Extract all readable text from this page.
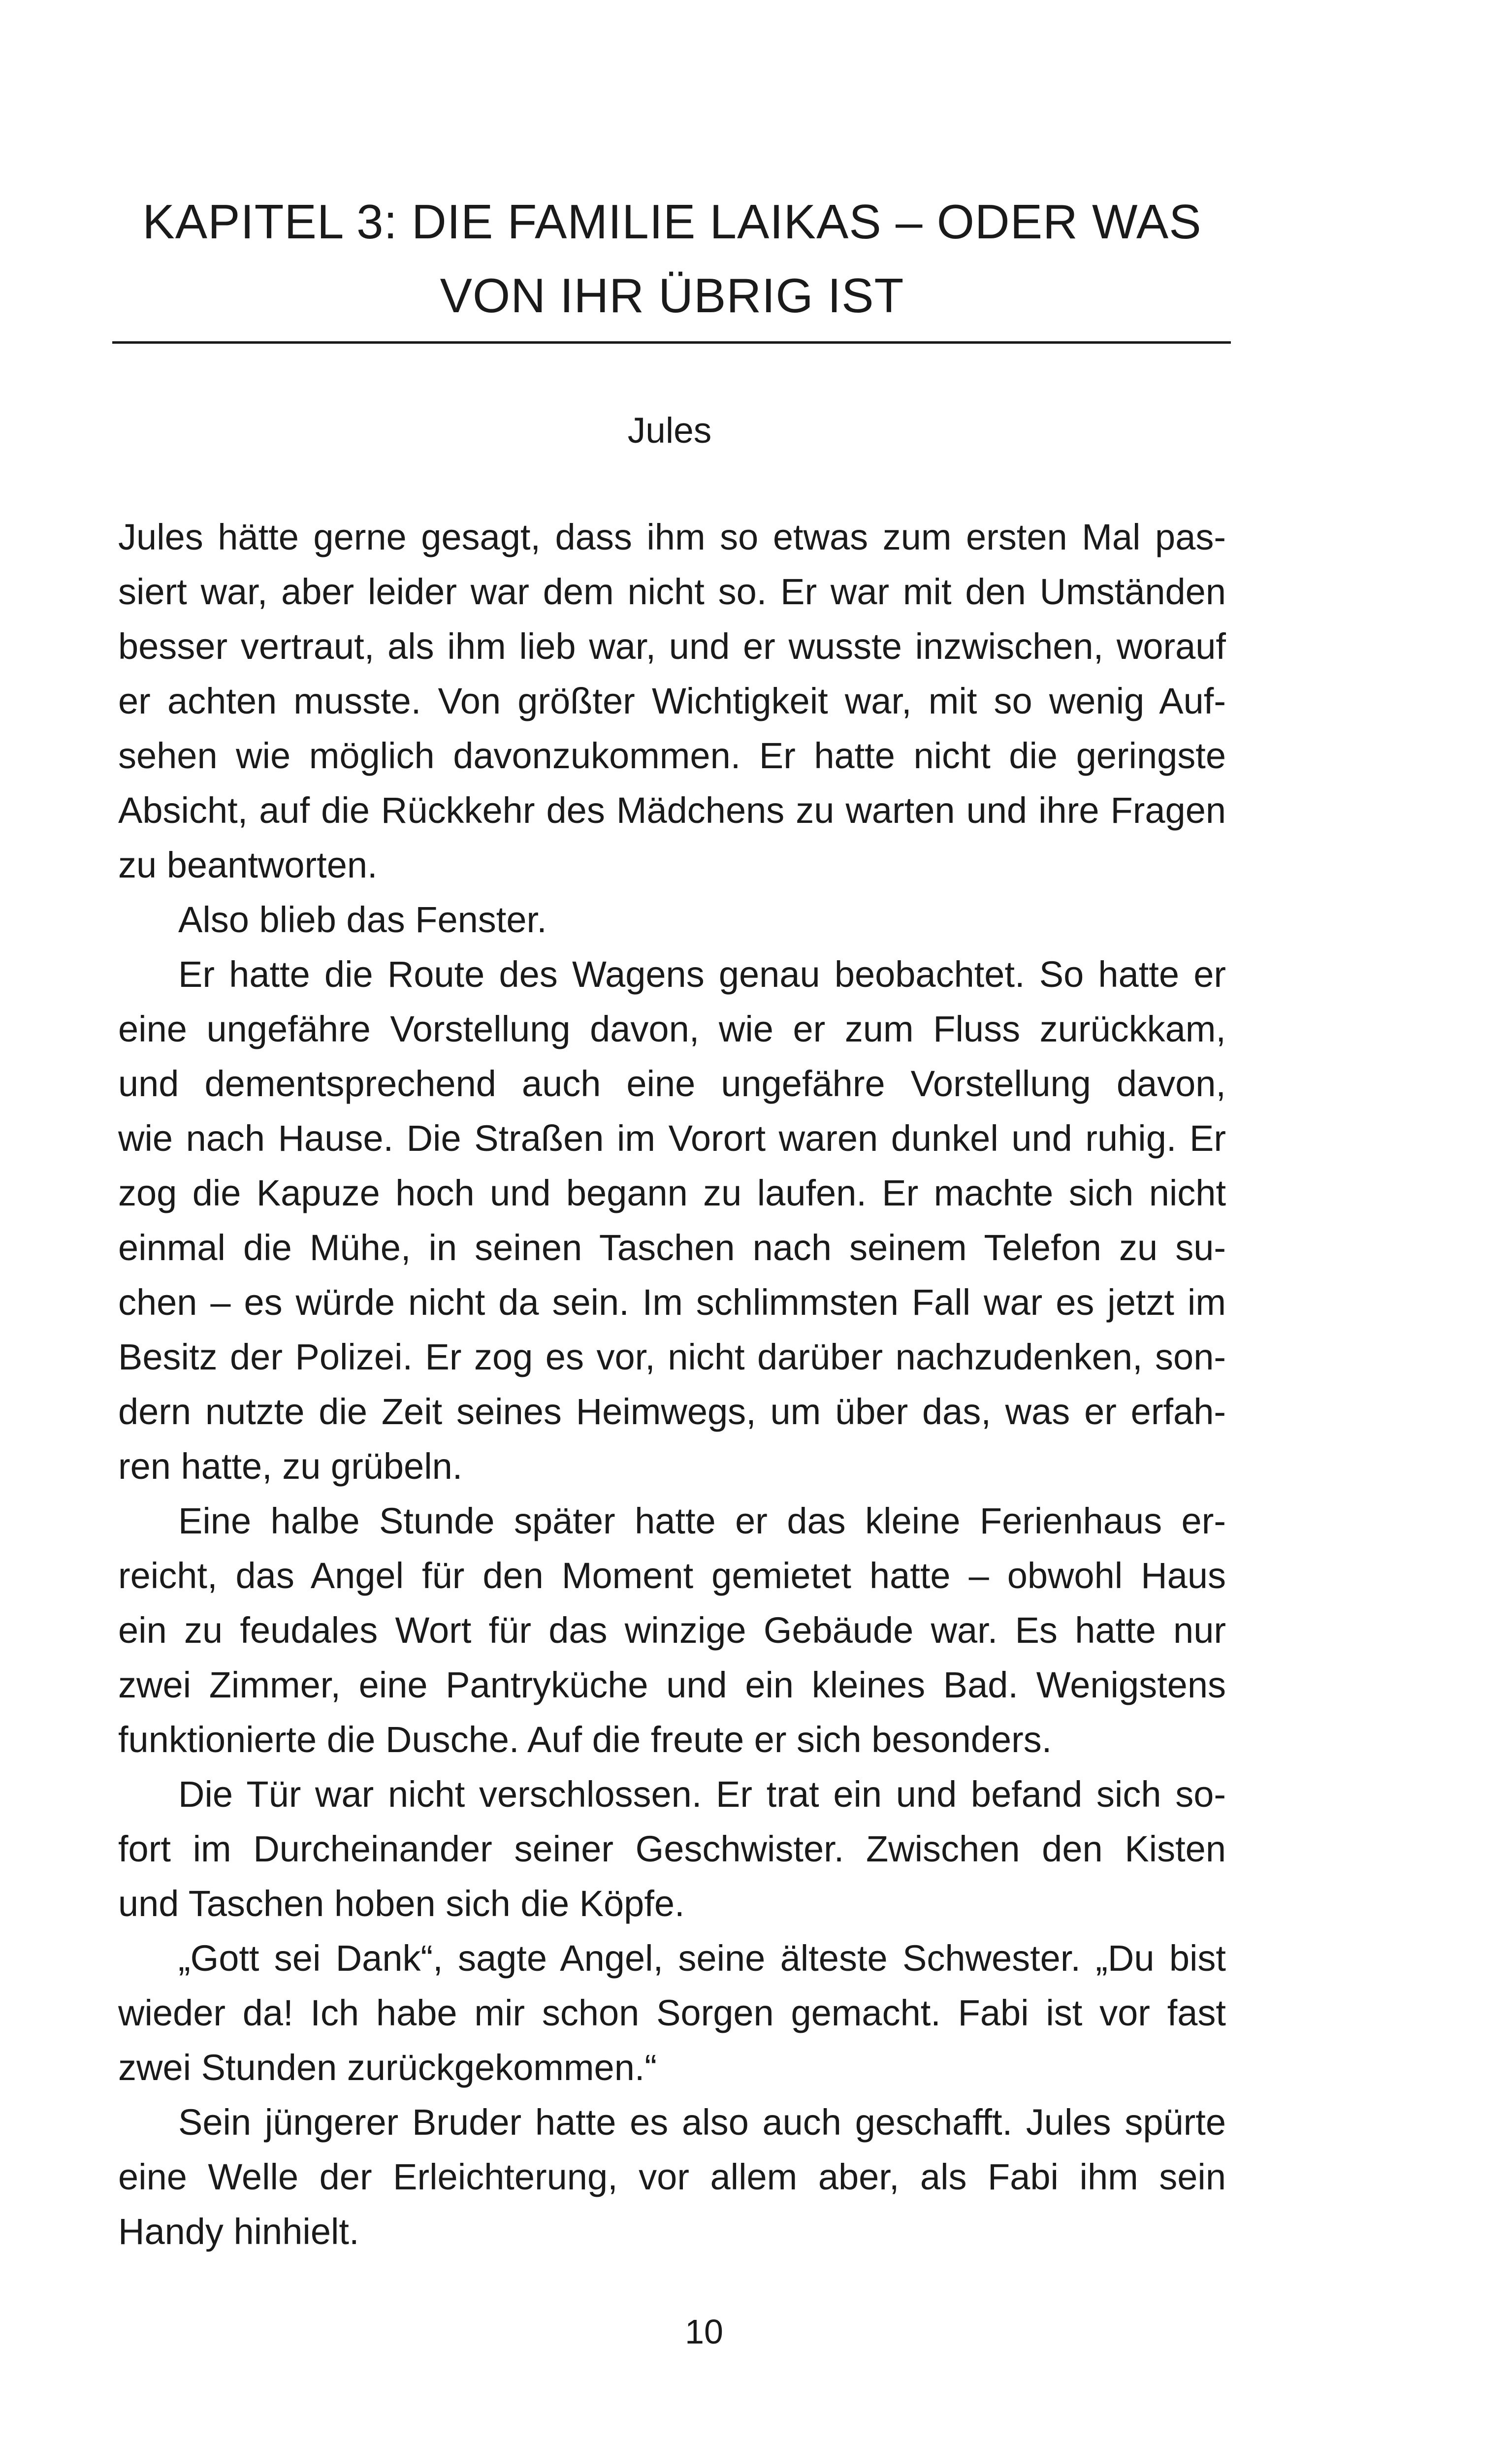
KAPITEL 3: DIE FAMILIE LAIKAS – ODER WAS
VON IHR ÜBRIG IST
Jules
Jules hätte gerne gesagt, dass ihm so etwas zum ersten Mal pas-
siert war, aber leider war dem nicht so. Er war mit den Umständen
besser vertraut, als ihm lieb war, und er wusste inzwischen, worauf
er achten musste. Von größter Wichtigkeit war, mit so wenig Auf-
sehen wie möglich davonzukommen. Er hatte nicht die geringste
Absicht, auf die Rückkehr des Mädchens zu warten und ihre Fragen
zu beantworten.
Also blieb das Fenster.
Er hatte die Route des Wagens genau beobachtet. So hatte er
eine ungefähre Vorstellung davon, wie er zum Fluss zurückkam,
und dementsprechend auch eine ungefähre Vorstellung davon,
wie nach Hause. Die Straßen im Vorort waren dunkel und ruhig. Er
zog die Kapuze hoch und begann zu laufen. Er machte sich nicht
einmal die Mühe, in seinen Taschen nach seinem Telefon zu su-
chen – es würde nicht da sein. Im schlimmsten Fall war es jetzt im
Besitz der Polizei. Er zog es vor, nicht darüber nachzudenken, son-
dern nutzte die Zeit seines Heimwegs, um über das, was er erfah-
ren hatte, zu grübeln.
Eine halbe Stunde später hatte er das kleine Ferienhaus er-
reicht, das Angel für den Moment gemietet hatte – obwohl Haus
ein zu feudales Wort für das winzige Gebäude war. Es hatte nur
zwei Zimmer, eine Pantryküche und ein kleines Bad. Wenigstens
funktionierte die Dusche. Auf die freute er sich besonders.
Die Tür war nicht verschlossen. Er trat ein und befand sich so-
fort im Durcheinander seiner Geschwister. Zwischen den Kisten
und Taschen hoben sich die Köpfe.
„Gott sei Dank“, sagte Angel, seine älteste Schwester. „Du bist
wieder da! Ich habe mir schon Sorgen gemacht. Fabi ist vor fast
zwei Stunden zurückgekommen.“
Sein jüngerer Bruder hatte es also auch geschafft. Jules spürte
eine Welle der Erleichterung, vor allem aber, als Fabi ihm sein
Handy hinhielt.
10
